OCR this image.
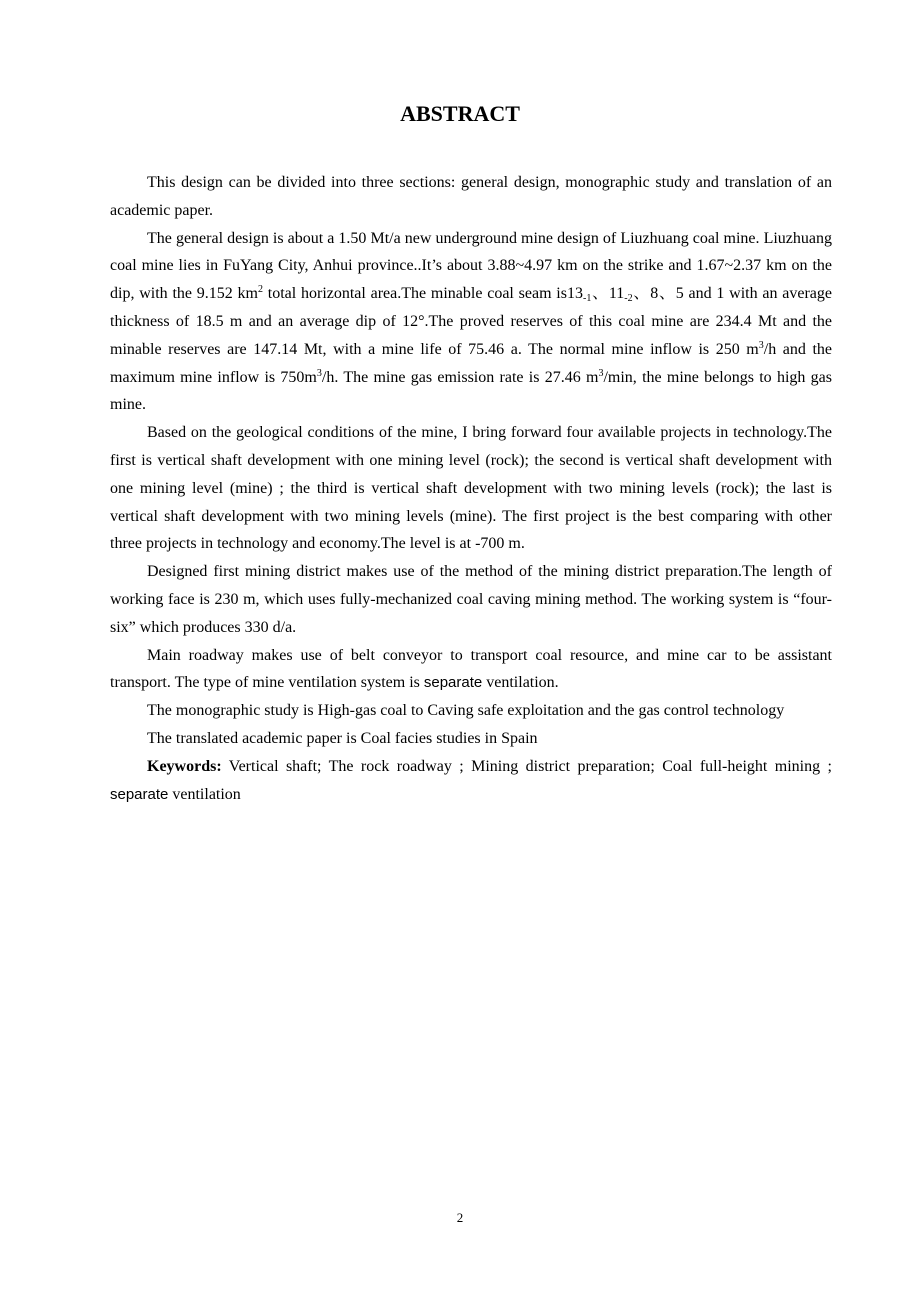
ABSTRACT

This design can be divided into three sections: general design, monographic study and translation of an academic paper.

The general design is about a 1.50 Mt/a new underground mine design of Liuzhuang coal mine. Liuzhuang coal mine lies in FuYang City, Anhui province..It’s about 3.88~4.97 km on the strike and 1.67~2.37 km on the dip, with the 9.152 $km^2$ total horizontal area.The minable coal seam $is13_{-1}$、$11_{-2}$、8、5 and 1 with an average thickness of 18.5 m and an average dip of 12°.The proved reserves of this coal mine are 234.4 Mt and the minable reserves are 147.14 Mt, with a mine life of 75.46 a. The normal mine inflow is 250 $m^3/h$ and the maximum mine inflow is $750m^3/h$. The mine gas emission rate is 27.46 $m^3/\min$, the mine belongs to high gas mine.

Based on the geological conditions of the mine, I bring forward four available projects in technology.The first is vertical shaft development with one mining level (rock); the second is vertical shaft development with one mining level (mine) ; the third is vertical shaft development with two mining levels (rock); the last is vertical shaft development with two mining levels (mine). The first project is the best comparing with other three projects in technology and economy.The level is at -700 m.

Designed first mining district makes use of the method of the mining district preparation.The length of working face is 230 m, which uses fully-mechanized coal caving mining method. The working system is “four-six” which produces 330 d/a.

Main roadway makes use of belt conveyor to transport coal resource, and mine car to be assistant transport. The type of mine ventilation system is separate ventilation.

The monographic study is High-gas coal to Caving safe exploitation and the gas control technology

The translated academic paper is Coal facies studies in Spain

Keywords: Vertical shaft; The rock roadway ; Mining district preparation; Coal full-height mining ; separate ventilation

2
